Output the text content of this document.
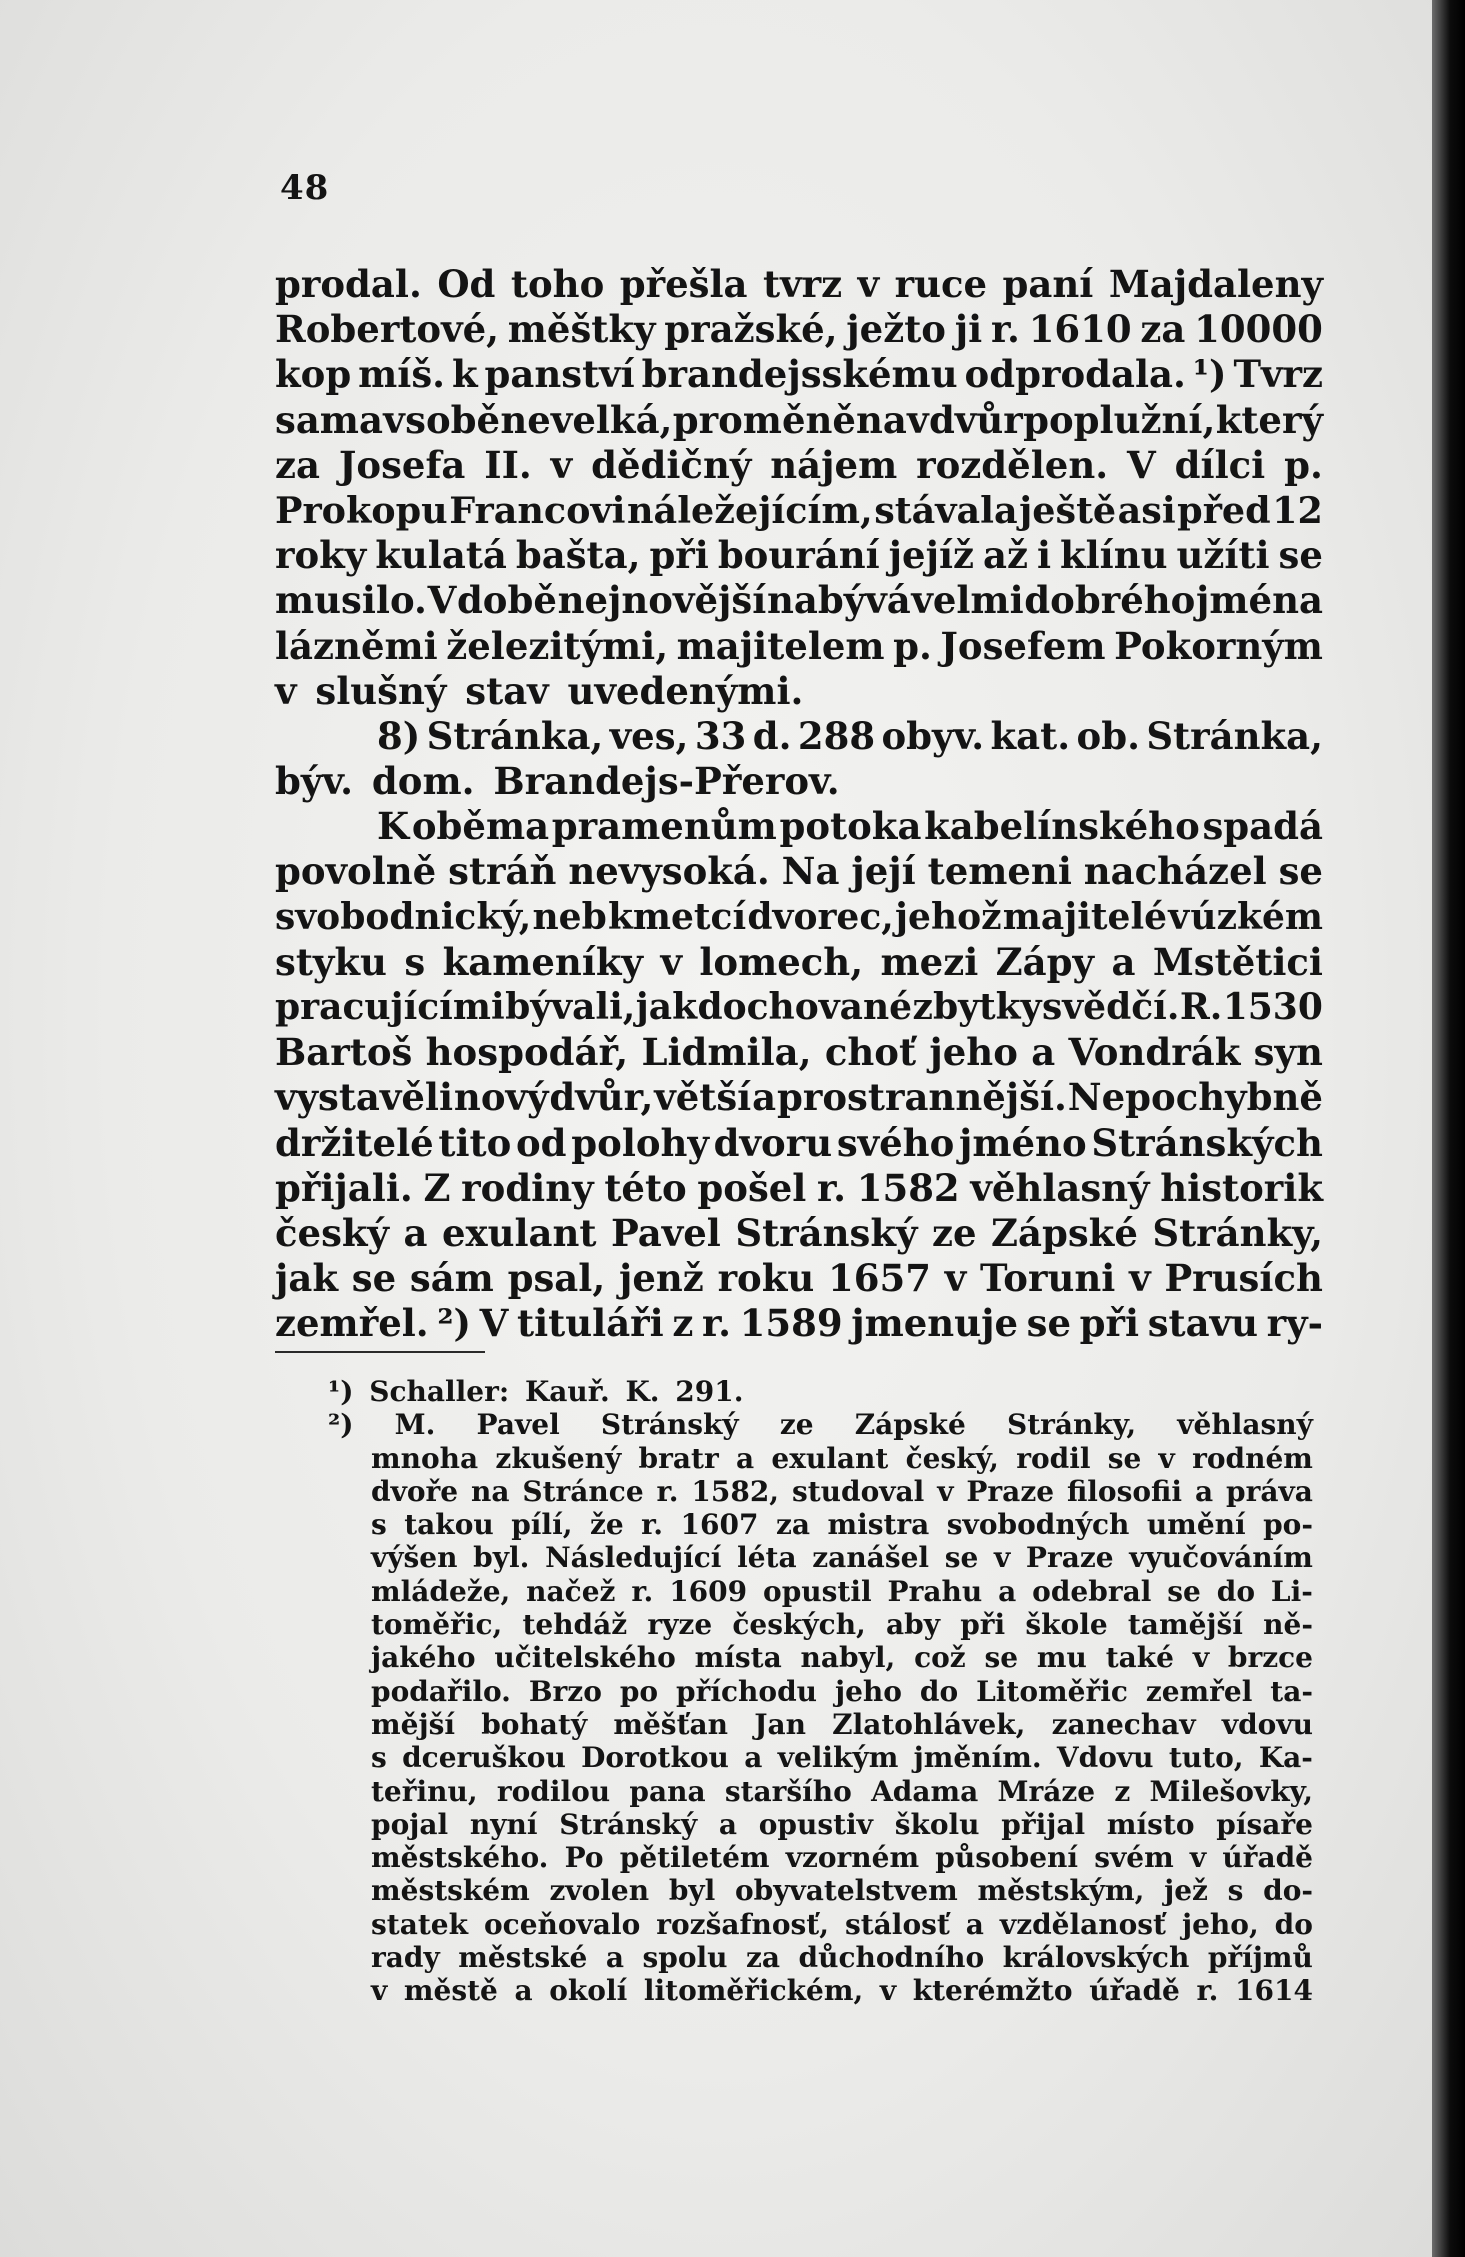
48
prodal. Od toho přešla tvrz v ruce paní Majdaleny
Robertové, měštky pražské, ježto ji r. 1610 za 10000
kop míš. k panství brandejsskému odprodala. ¹) Tvrz
sama v sobě nevelká, proměněna v dvůr poplužní, který
za Josefa II. v dědičný nájem rozdělen. V dílci p.
Prokopu Francovi náležejícím, stávala ještě asi před 12
roky kulatá bašta, při bourání jejíž až i klínu užíti se
musilo. V době nejnovější nabývá velmi dobrého jména
lázněmi železitými, majitelem p. Josefem Pokorným
v slušný stav uvedenými.
8) Stránka, ves, 33 d. 288 obyv. kat. ob. Stránka,
býv. dom. Brandejs-Přerov.
K oběma pramenům potoka kabelínského spadá
povolně stráň nevysoká. Na její temeni nacházel se
svobodnický, neb kmetcí dvorec, jehož majitelé v úzkém
styku s kameníky v lomech, mezi Zápy a Mstětici
pracujícími bývali, jak dochované zbytky svědčí. R. 1530
Bartoš hospodář, Lidmila, choť jeho a Vondrák syn
vystavěli nový dvůr, větší a prostrannější. Nepochybně
držitelé tito od polohy dvoru svého jméno Stránských
přijali. Z rodiny této pošel r. 1582 věhlasný historik
český a exulant Pavel Stránský ze Zápské Stránky,
jak se sám psal, jenž roku 1657 v Toruni v Prusích
zemřel. ²) V tituláři z r. 1589 jmenuje se při stavu ry-
¹) Schaller: Kauř. K. 291.
²) M. Pavel Stránský ze Zápské Stránky, věhlasný
mnoha zkušený bratr a exulant český, rodil se v rodném
dvoře na Stránce r. 1582, studoval v Praze filosofii a práva
s takou pílí, že r. 1607 za mistra svobodných umění po-
výšen byl. Následující léta zanášel se v Praze vyučováním
mládeže, načež r. 1609 opustil Prahu a odebral se do Li-
toměřic, tehdáž ryze českých, aby při škole tamější ně-
jakého učitelského místa nabyl, což se mu také v brzce
podařilo. Brzo po příchodu jeho do Litoměřic zemřel ta-
mější bohatý měšťan Jan Zlatohlávek, zanechav vdovu
s dceruškou Dorotkou a velikým jměním. Vdovu tuto, Ka-
teřinu, rodilou pana staršího Adama Mráze z Milešovky,
pojal nyní Stránský a opustiv školu přijal místo písaře
městského. Po pětiletém vzorném působení svém v úřadě
městském zvolen byl obyvatelstvem městským, jež s do-
statek oceňovalo rozšafnosť, stálosť a vzdělanosť jeho, do
rady městské a spolu za důchodního královských příjmů
v městě a okolí litoměřickém, v kterémžto úřadě r. 1614
